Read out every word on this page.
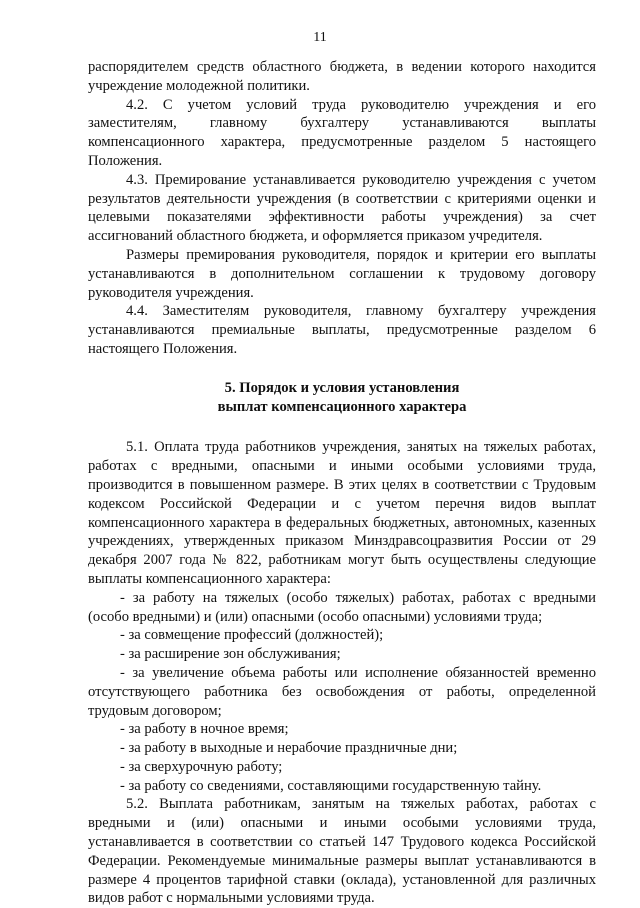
11

распорядителем средств областного бюджета, в ведении которого находится учреждение молодежной политики.

4.2. С учетом условий труда руководителю учреждения и его заместителям, главному бухгалтеру устанавливаются выплаты компенсационного характера, предусмотренные разделом 5 настоящего Положения.

4.3. Премирование устанавливается руководителю учреждения с учетом результатов деятельности учреждения (в соответствии с критериями оценки и целевыми показателями эффективности работы учреждения) за счет ассигнований областного бюджета, и оформляется приказом учредителя.

Размеры премирования руководителя, порядок и критерии его выплаты устанавливаются в дополнительном соглашении к трудовому договору руководителя учреждения.

4.4. Заместителям руководителя, главному бухгалтеру учреждения устанавливаются премиальные выплаты, предусмотренные разделом 6 настоящего Положения.

5. Порядок и условия установления
выплат компенсационного характера

5.1. Оплата труда работников учреждения, занятых на тяжелых работах, работах с вредными, опасными и иными особыми условиями труда, производится в повышенном размере. В этих целях в соответствии с Трудовым кодексом Российской Федерации и с учетом перечня видов выплат компенсационного характера в федеральных бюджетных, автономных, казенных учреждениях, утвержденных приказом Минздравсоцразвития России от 29 декабря 2007 года № 822, работникам могут быть осуществлены следующие выплаты компенсационного характера:

- за работу на тяжелых (особо тяжелых) работах, работах с вредными (особо вредными) и (или) опасными (особо опасными) условиями труда;

- за совмещение профессий (должностей);

- за расширение зон обслуживания;

- за увеличение объема работы или исполнение обязанностей временно отсутствующего работника без освобождения от работы, определенной трудовым договором;

- за работу в ночное время;

- за работу в выходные и нерабочие праздничные дни;

- за сверхурочную работу;

- за работу со сведениями, составляющими государственную тайну.

5.2. Выплата работникам, занятым на тяжелых работах, работах с вредными и (или) опасными и иными особыми условиями труда, устанавливается в соответствии со статьей 147 Трудового кодекса Российской Федерации. Рекомендуемые минимальные размеры выплат устанавливаются в размере 4 процентов тарифной ставки (оклада), установленной для различных видов работ с нормальными условиями труда.
